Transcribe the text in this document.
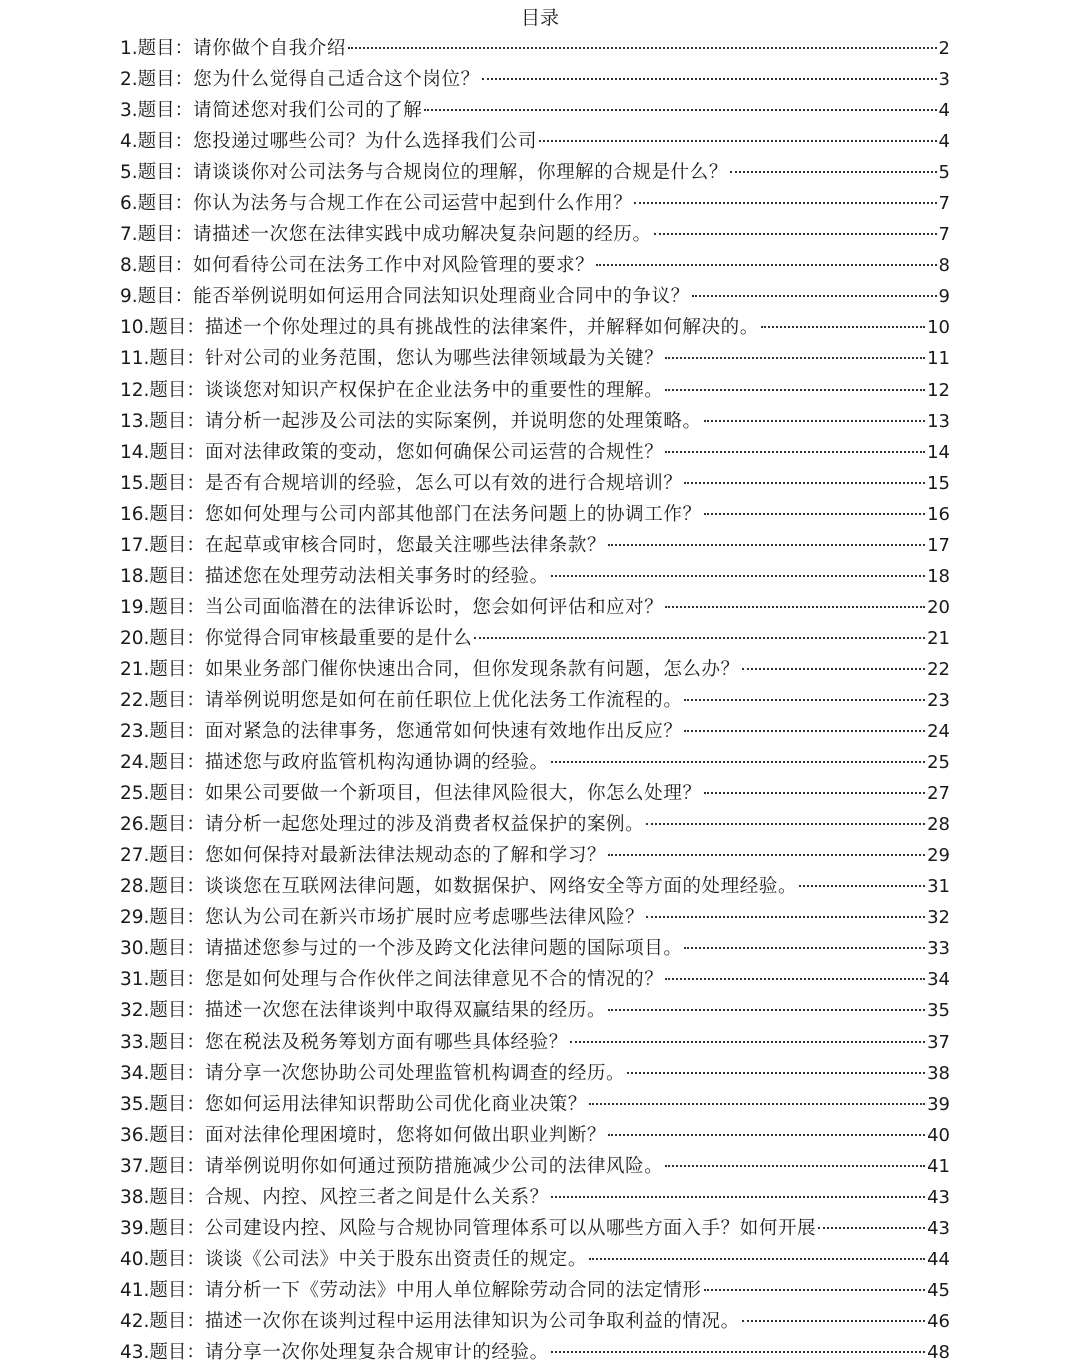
目录
1. 题目： 请你做个自我介绍	2
2. 题目： 您为什么觉得自己适合这个岗位？	3
3. 题目： 请简述您对我们公司的了解	4
4. 题目： 您投递过哪些公司？为什么选择我们公司	4
5. 题目： 请谈谈你对公司法务与合规岗位的理解，你理解的合规是什么？	5
6. 题目： 你认为法务与合规工作在公司运营中起到什么作用？	7
7. 题目： 请描述一次您在法律实践中成功解决复杂问题的经历。	7
8. 题目： 如何看待公司在法务工作中对风险管理的要求？	8
9. 题目： 能否举例说明如何运用合同法知识处理商业合同中的争议？	9
10. 题目： 描述一个你处理过的具有挑战性的法律案件，并解释如何解决的。	10
11. 题目： 针对公司的业务范围，您认为哪些法律领域最为关键？	11
12. 题目： 谈谈您对知识产权保护在企业法务中的重要性的理解。	12
13. 题目： 请分析一起涉及公司法的实际案例，并说明您的处理策略。	13
14. 题目： 面对法律政策的变动，您如何确保公司运营的合规性？	14
15. 题目： 是否有合规培训的经验，怎么可以有效的进行合规培训？	15
16. 题目： 您如何处理与公司内部其他部门在法务问题上的协调工作？	16
17. 题目： 在起草或审核合同时，您最关注哪些法律条款？	17
18. 题目： 描述您在处理劳动法相关事务时的经验。	18
19. 题目： 当公司面临潜在的法律诉讼时，您会如何评估和应对？	20
20. 题目： 你觉得合同审核最重要的是什么	21
21. 题目： 如果业务部门催你快速出合同，但你发现条款有问题，怎么办？	22
22. 题目： 请举例说明您是如何在前任职位上优化法务工作流程的。	23
23. 题目： 面对紧急的法律事务，您通常如何快速有效地作出反应？	24
24. 题目： 描述您与政府监管机构沟通协调的经验。	25
25. 题目： 如果公司要做一个新项目，但法律风险很大，你怎么处理？	27
26. 题目： 请分析一起您处理过的涉及消费者权益保护的案例。	28
27. 题目： 您如何保持对最新法律法规动态的了解和学习？	29
28. 题目： 谈谈您在互联网法律问题，如数据保护、网络安全等方面的处理经验。	31
29. 题目： 您认为公司在新兴市场扩展时应考虑哪些法律风险？	32
30. 题目： 请描述您参与过的一个涉及跨文化法律问题的国际项目。	33
31. 题目： 您是如何处理与合作伙伴之间法律意见不合的情况的？	34
32. 题目： 描述一次您在法律谈判中取得双赢结果的经历。	35
33. 题目： 您在税法及税务筹划方面有哪些具体经验？	37
34. 题目： 请分享一次您协助公司处理监管机构调查的经历。	38
35. 题目： 您如何运用法律知识帮助公司优化商业决策？	39
36. 题目： 面对法律伦理困境时，您将如何做出职业判断？	40
37. 题目： 请举例说明你如何通过预防措施减少公司的法律风险。	41
38. 题目： 合规、内控、风控三者之间是什么关系？	43
39. 题目： 公司建设内控、风险与合规协同管理体系可以从哪些方面入手？如何开展	43
40. 题目： 谈谈《公司法》中关于股东出资责任的规定。	44
41. 题目： 请分析一下《劳动法》中用人单位解除劳动合同的法定情形	45
42. 题目： 描述一次你在谈判过程中运用法律知识为公司争取利益的情况。	46
43. 题目： 请分享一次你处理复杂合规审计的经验。	48
